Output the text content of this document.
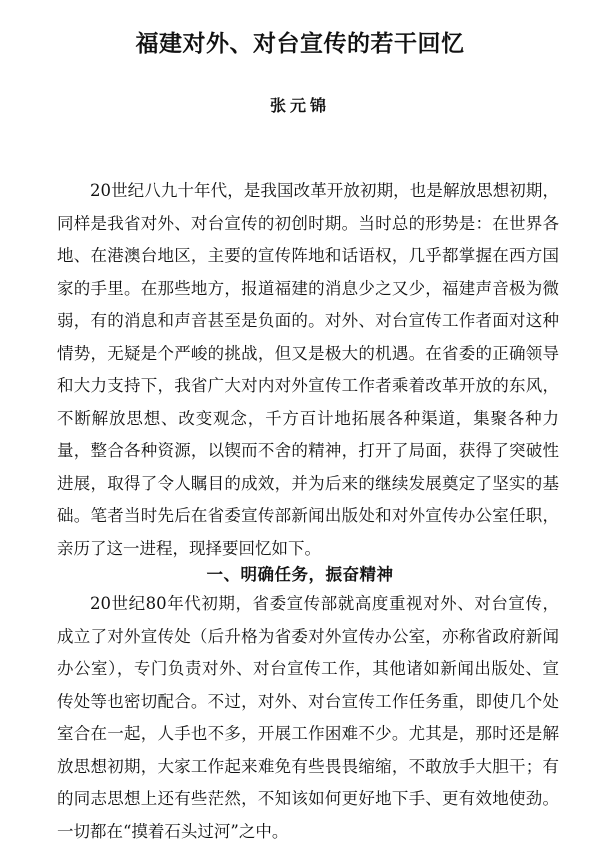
福建对外、对台宣传的若干回忆
张元锦

20世纪八九十年代，是我国改革开放初期，也是解放思想初期，同样是我省对外、对台宣传的初创时期。当时总的形势是：在世界各地、在港澳台地区，主要的宣传阵地和话语权，几乎都掌握在西方国家的手里。在那些地方，报道福建的消息少之又少，福建声音极为微弱，有的消息和声音甚至是负面的。对外、对台宣传工作者面对这种情势，无疑是个严峻的挑战，但又是极大的机遇。在省委的正确领导和大力支持下，我省广大对内对外宣传工作者乘着改革开放的东风，不断解放思想、改变观念，千方百计地拓展各种渠道，集聚各种力量，整合各种资源，以锲而不舍的精神，打开了局面，获得了突破性进展，取得了令人瞩目的成效，并为后来的继续发展奠定了坚实的基础。笔者当时先后在省委宣传部新闻出版处和对外宣传办公室任职，亲历了这一进程，现择要回忆如下。

一、明确任务，振奋精神

20世纪80年代初期，省委宣传部就高度重视对外、对台宣传，成立了对外宣传处（后升格为省委对外宣传办公室，亦称省政府新闻办公室），专门负责对外、对台宣传工作，其他诸如新闻出版处、宣传处等也密切配合。不过，对外、对台宣传工作任务重，即使几个处室合在一起，人手也不多，开展工作困难不少。尤其是，那时还是解放思想初期，大家工作起来难免有些畏畏缩缩，不敢放手大胆干；有的同志思想上还有些茫然，不知该如何更好地下手、更有效地使劲。一切都在“摸着石头过河”之中。
